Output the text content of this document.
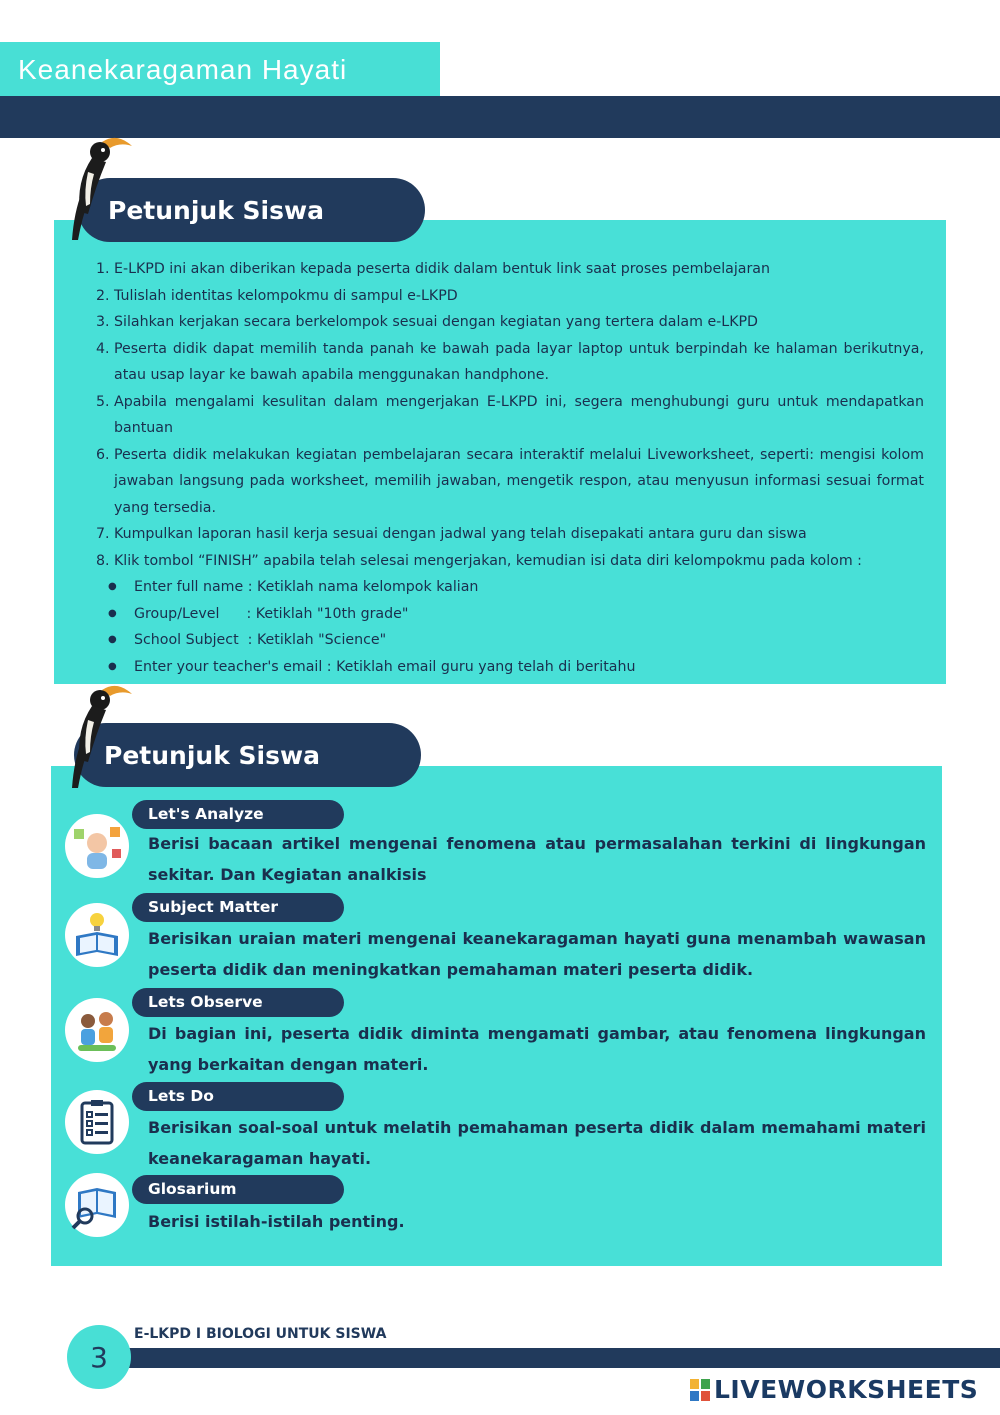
Keanekaragaman Hayati
Petunjuk Siswa

1. E-LKPD ini akan diberikan kepada peserta didik dalam bentuk link saat proses pembelajaran

2. Tulislah identitas kelompokmu di sampul e-LKPD

3. Silahkan kerjakan secara berkelompok sesuai dengan kegiatan yang tertera dalam e-LKPD

4. Peserta didik dapat memilih tanda panah ke bawah pada layar laptop untuk berpindah ke halaman berikutnya, atau usap layar ke bawah apabila menggunakan handphone.

5. Apabila mengalami kesulitan dalam mengerjakan E-LKPD ini, segera menghubungi guru untuk mendapatkan bantuan

6. Peserta didik melakukan kegiatan pembelajaran secara interaktif melalui Liveworksheet, seperti: mengisi kolom jawaban langsung pada worksheet, memilih jawaban, mengetik respon, atau menyusun informasi sesuai format yang tersedia.

7. Kumpulkan laporan hasil kerja sesuai dengan jadwal yang telah disepakati antara guru dan siswa

8. Klik tombol “FINISH” apabila telah selesai mengerjakan, kemudian isi data diri kelompokmu pada kolom :

● Enter full name : Ketiklah nama kelompok kalian
● Group/Level      : Ketiklah "10th grade"
● School Subject  : Ketiklah "Science"
● Enter your teacher's email : Ketiklah email guru yang telah di beritahu
Petunjuk Siswa
Let's Analyze
Berisi bacaan artikel mengenai fenomena atau permasalahan terkini di lingkungan sekitar. Dan Kegiatan analkisis
Subject Matter
Berisikan uraian materi mengenai keanekaragaman hayati guna menambah wawasan peserta didik dan meningkatkan pemahaman materi peserta didik.
Lets Observe
Di bagian ini, peserta didik diminta mengamati gambar, atau fenomena lingkungan yang berkaitan dengan materi.
Lets Do
Berisikan soal-soal untuk melatih pemahaman peserta didik dalam memahami materi keanekaragaman hayati.
Glosarium
Berisi istilah-istilah penting.
E-LKPD I BIOLOGI UNTUK SISWA
3
LIVEWORKSHEETS
